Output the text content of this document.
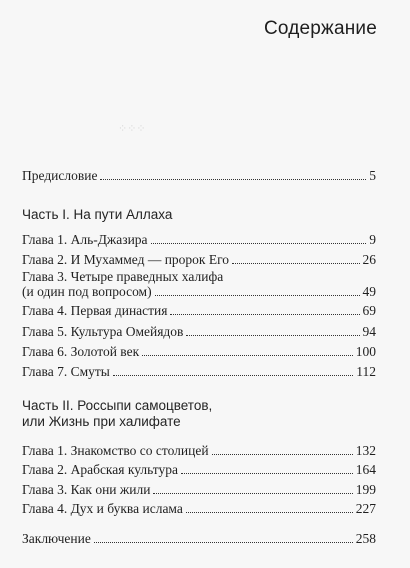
Содержание
⁘⁘⁘
Предисловие	5
Часть I. На пути Аллаха
Глава 1. Аль-Джазира	9
Глава 2. И Мухаммед — пророк Его	26
Глава 3. Четыре праведных халифа
(и один под вопросом)	49
Глава 4. Первая династия	69
Глава 5. Культура Омейядов	94
Глава 6. Золотой век	100
Глава 7. Смуты	112
Часть II. Россыпи самоцветов,
или Жизнь при халифате
Глава 1. Знакомство со столицей	132
Глава 2. Арабская культура	164
Глава 3. Как они жили	199
Глава 4. Дух и буква ислама	227
Заключение	258
